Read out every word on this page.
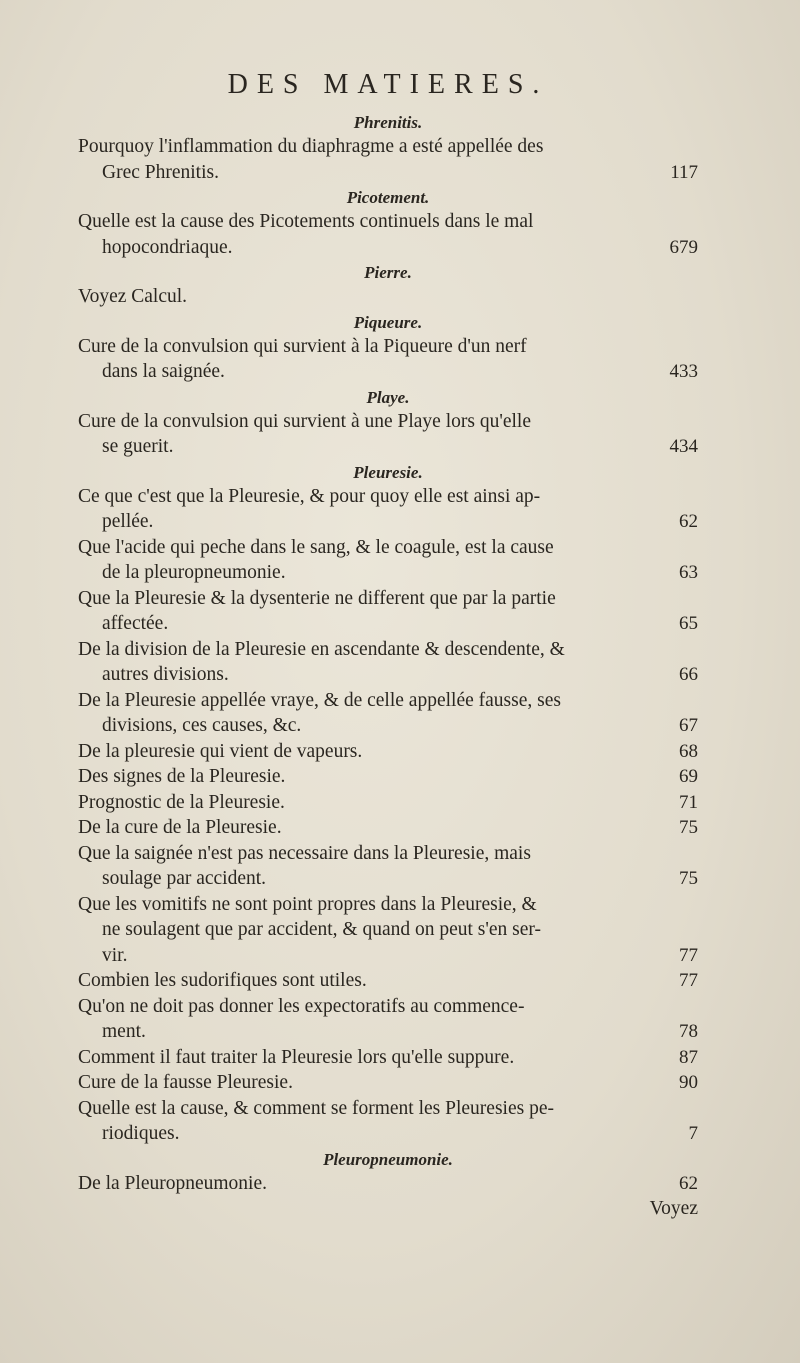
DES MATIERES.
Phrenitis.
Pourquoy l'inflammation du diaphragme a esté appellée des
Grec Phrenitis.	117
Picotement.
Quelle est la cause des Picotements continuels dans le mal
hopocondriaque.	679
Pierre.
Voyez Calcul.
Piqueure.
Cure de la convulsion qui survient à la Piqueure d'un nerf
dans la saignée.	433
Playe.
Cure de la convulsion qui survient à une Playe lors qu'elle
se guerit.	434
Pleuresie.
Ce que c'est que la Pleuresie, & pour quoy elle est ainsi ap-
pellée.	62
Que l'acide qui peche dans le sang, & le coagule, est la cause
de la pleuropneumonie.	63
Que la Pleuresie & la dysenterie ne different que par la partie
affectée.	65
De la division de la Pleuresie en ascendante & descendente, &
autres divisions.	66
De la Pleuresie appellée vraye, & de celle appellée fausse, ses
divisions, ces causes, &c.	67
De la pleuresie qui vient de vapeurs.	68
Des signes de la Pleuresie.	69
Prognostic de la Pleuresie.	71
De la cure de la Pleuresie.	75
Que la saignée n'est pas necessaire dans la Pleuresie, mais
soulage par accident.	75
Que les vomitifs ne sont point propres dans la Pleuresie, &
ne soulagent que par accident, & quand on peut s'en ser-
vir.	77
Combien les sudorifiques sont utiles.	77
Qu'on ne doit pas donner les expectoratifs au commence-
ment.	78
Comment il faut traiter la Pleuresie lors qu'elle suppure.	87
Cure de la fausse Pleuresie.	90
Quelle est la cause, & comment se forment les Pleuresies pe-
riodiques.	7
Pleuropneumonie.
De la Pleuropneumonie.	62
Voyez
